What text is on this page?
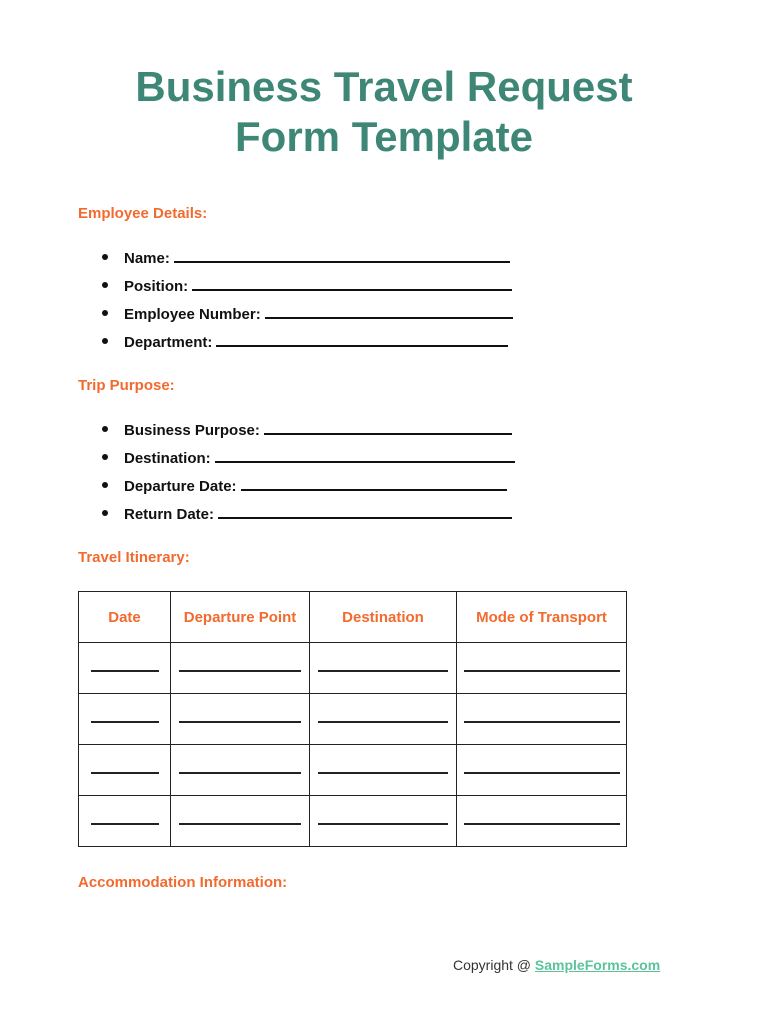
Business Travel Request
Form Template
Employee Details:
Name:
Position:
Employee Number:
Department:
Trip Purpose:
Business Purpose:
Destination:
Departure Date:
Return Date:
Travel Itinerary:
Date	Departure Point	Destination	Mode of Transport

Accommodation Information:
Copyright @ SampleForms.com
